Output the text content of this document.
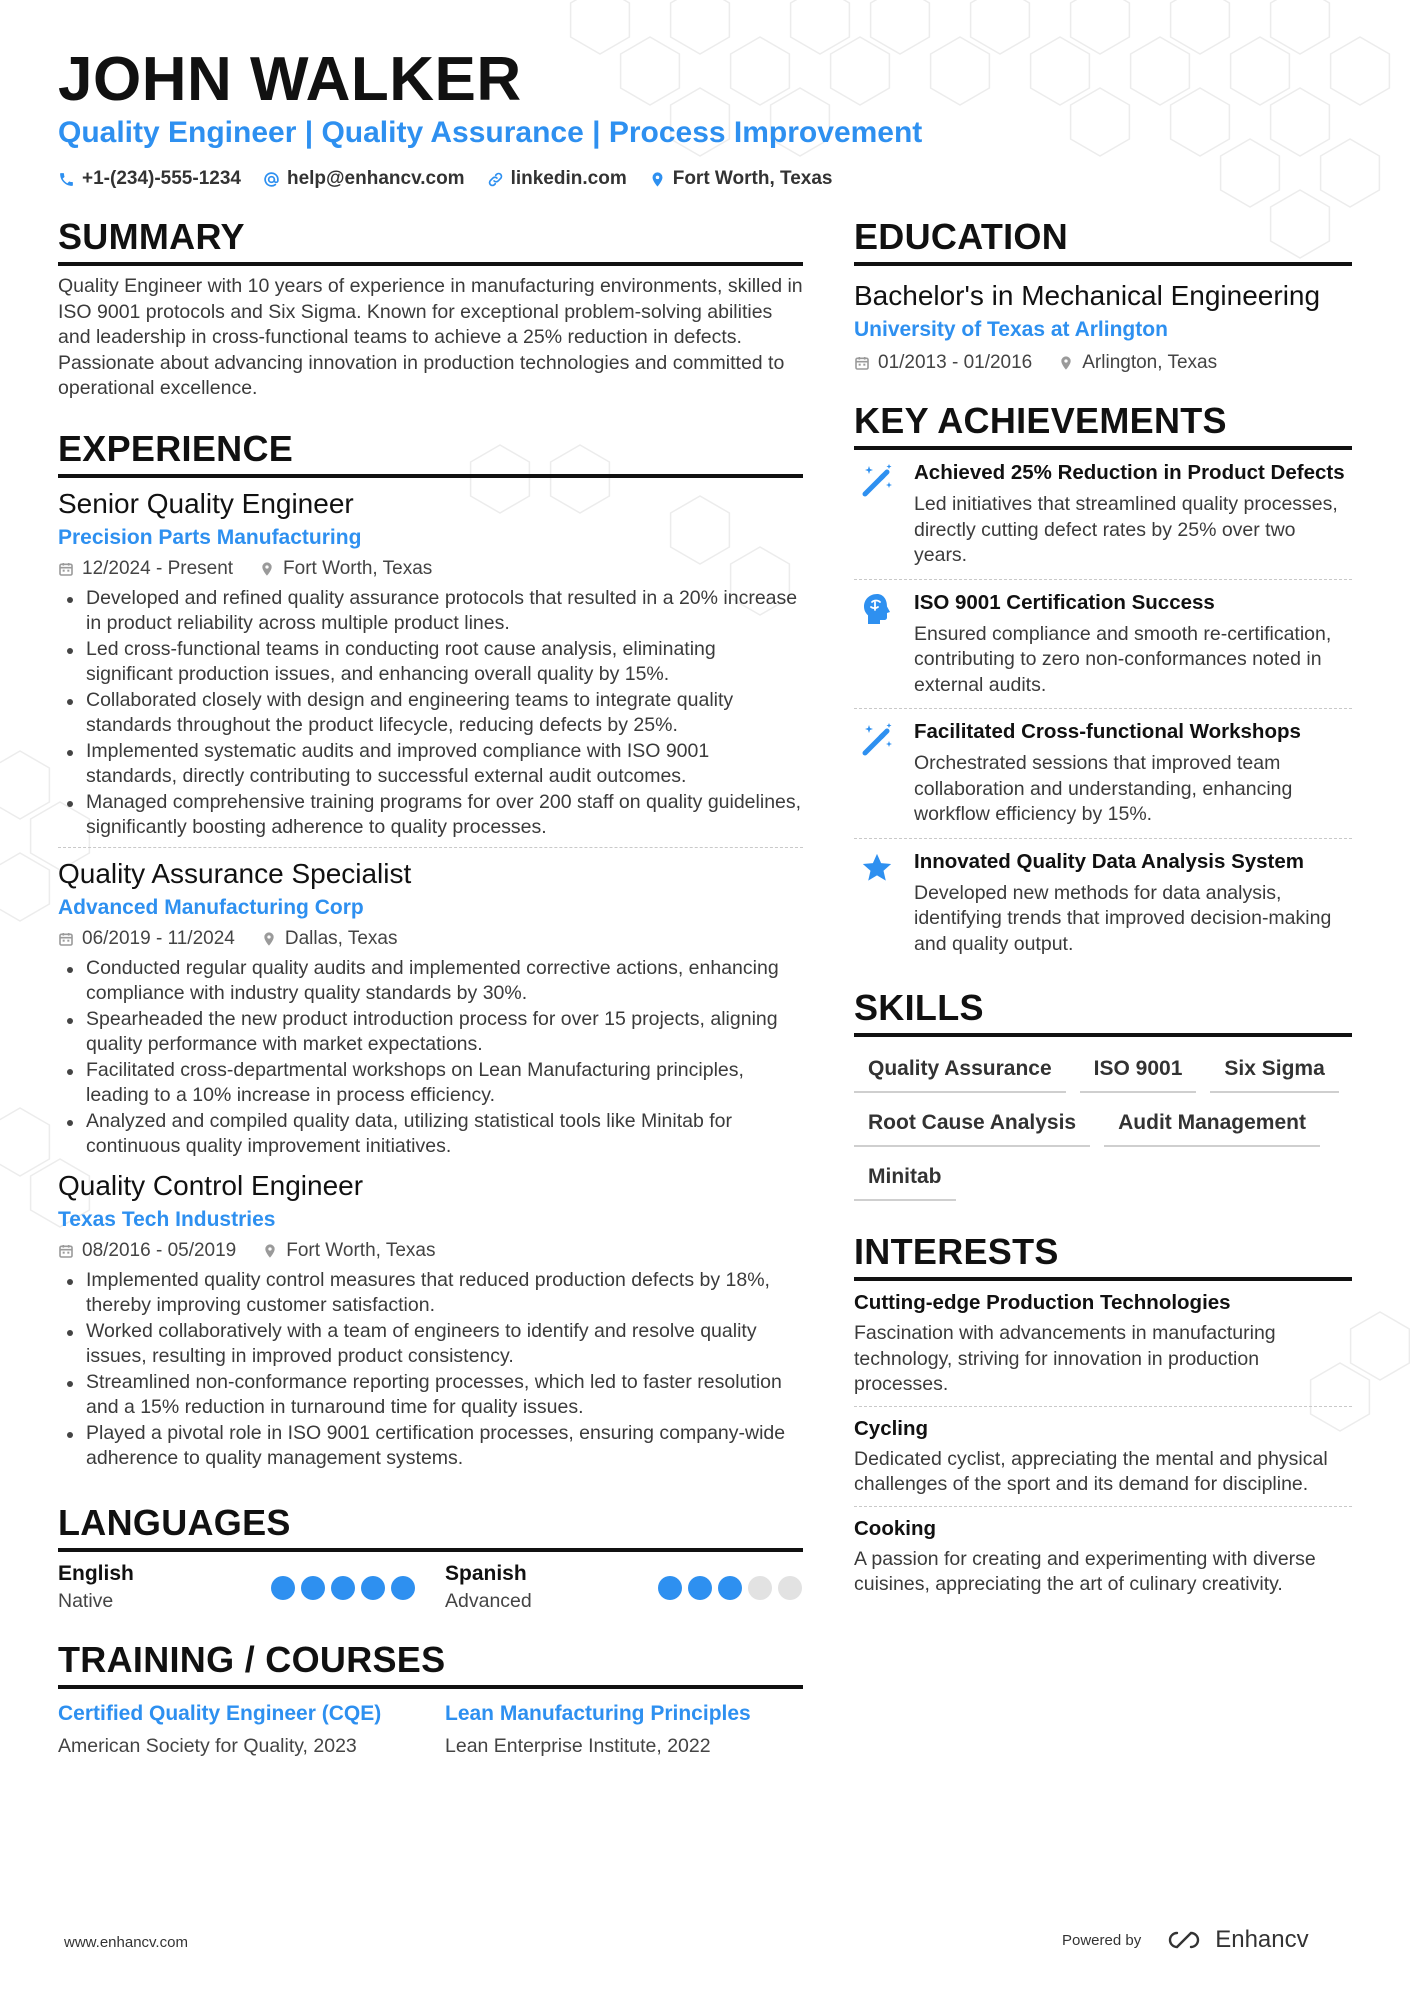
JOHN WALKER
Quality Engineer | Quality Assurance | Process Improvement
+1-(234)-555-1234 help@enhancv.com linkedin.com Fort Worth, Texas
SUMMARY
Quality Engineer with 10 years of experience in manufacturing environments, skilled in ISO 9001 protocols and Six Sigma. Known for exceptional problem-solving abilities and leadership in cross-functional teams to achieve a 25% reduction in defects. Passionate about advancing innovation in production technologies and committed to operational excellence.
EXPERIENCE
Senior Quality Engineer
Precision Parts Manufacturing
12/2024 - Present	Fort Worth, Texas
Developed and refined quality assurance protocols that resulted in a 20% increase in product reliability across multiple product lines.
Led cross-functional teams in conducting root cause analysis, eliminating significant production issues, and enhancing overall quality by 15%.
Collaborated closely with design and engineering teams to integrate quality standards throughout the product lifecycle, reducing defects by 25%.
Implemented systematic audits and improved compliance with ISO 9001 standards, directly contributing to successful external audit outcomes.
Managed comprehensive training programs for over 200 staff on quality guidelines, significantly boosting adherence to quality processes.
Quality Assurance Specialist
Advanced Manufacturing Corp
06/2019 - 11/2024	Dallas, Texas
Conducted regular quality audits and implemented corrective actions, enhancing compliance with industry quality standards by 30%.
Spearheaded the new product introduction process for over 15 projects, aligning quality performance with market expectations.
Facilitated cross-departmental workshops on Lean Manufacturing principles, leading to a 10% increase in process efficiency.
Analyzed and compiled quality data, utilizing statistical tools like Minitab for continuous quality improvement initiatives.
Quality Control Engineer
Texas Tech Industries
08/2016 - 05/2019	Fort Worth, Texas
Implemented quality control measures that reduced production defects by 18%, thereby improving customer satisfaction.
Worked collaboratively with a team of engineers to identify and resolve quality issues, resulting in improved product consistency.
Streamlined non-conformance reporting processes, which led to faster resolution and a 15% reduction in turnaround time for quality issues.
Played a pivotal role in ISO 9001 certification processes, ensuring company-wide adherence to quality management systems.
LANGUAGES
English
Native
Spanish
Advanced
TRAINING / COURSES
Certified Quality Engineer (CQE)
American Society for Quality, 2023
Lean Manufacturing Principles
Lean Enterprise Institute, 2022
EDUCATION
Bachelor's in Mechanical Engineering
University of Texas at Arlington
01/2013 - 01/2016	Arlington, Texas
KEY ACHIEVEMENTS
Achieved 25% Reduction in Product Defects
Led initiatives that streamlined quality processes, directly cutting defect rates by 25% over two years.
ISO 9001 Certification Success
Ensured compliance and smooth re-certification, contributing to zero non-conformances noted in external audits.
Facilitated Cross-functional Workshops
Orchestrated sessions that improved team collaboration and understanding, enhancing workflow efficiency by 15%.
Innovated Quality Data Analysis System
Developed new methods for data analysis, identifying trends that improved decision-making and quality output.
SKILLS
Quality Assurance	ISO 9001	Six Sigma
Root Cause Analysis	Audit Management
Minitab
INTERESTS
Cutting-edge Production Technologies
Fascination with advancements in manufacturing technology, striving for innovation in production processes.
Cycling
Dedicated cyclist, appreciating the mental and physical challenges of the sport and its demand for discipline.
Cooking
A passion for creating and experimenting with diverse cuisines, appreciating the art of culinary creativity.
www.enhancv.com	Powered by	Enhancv
